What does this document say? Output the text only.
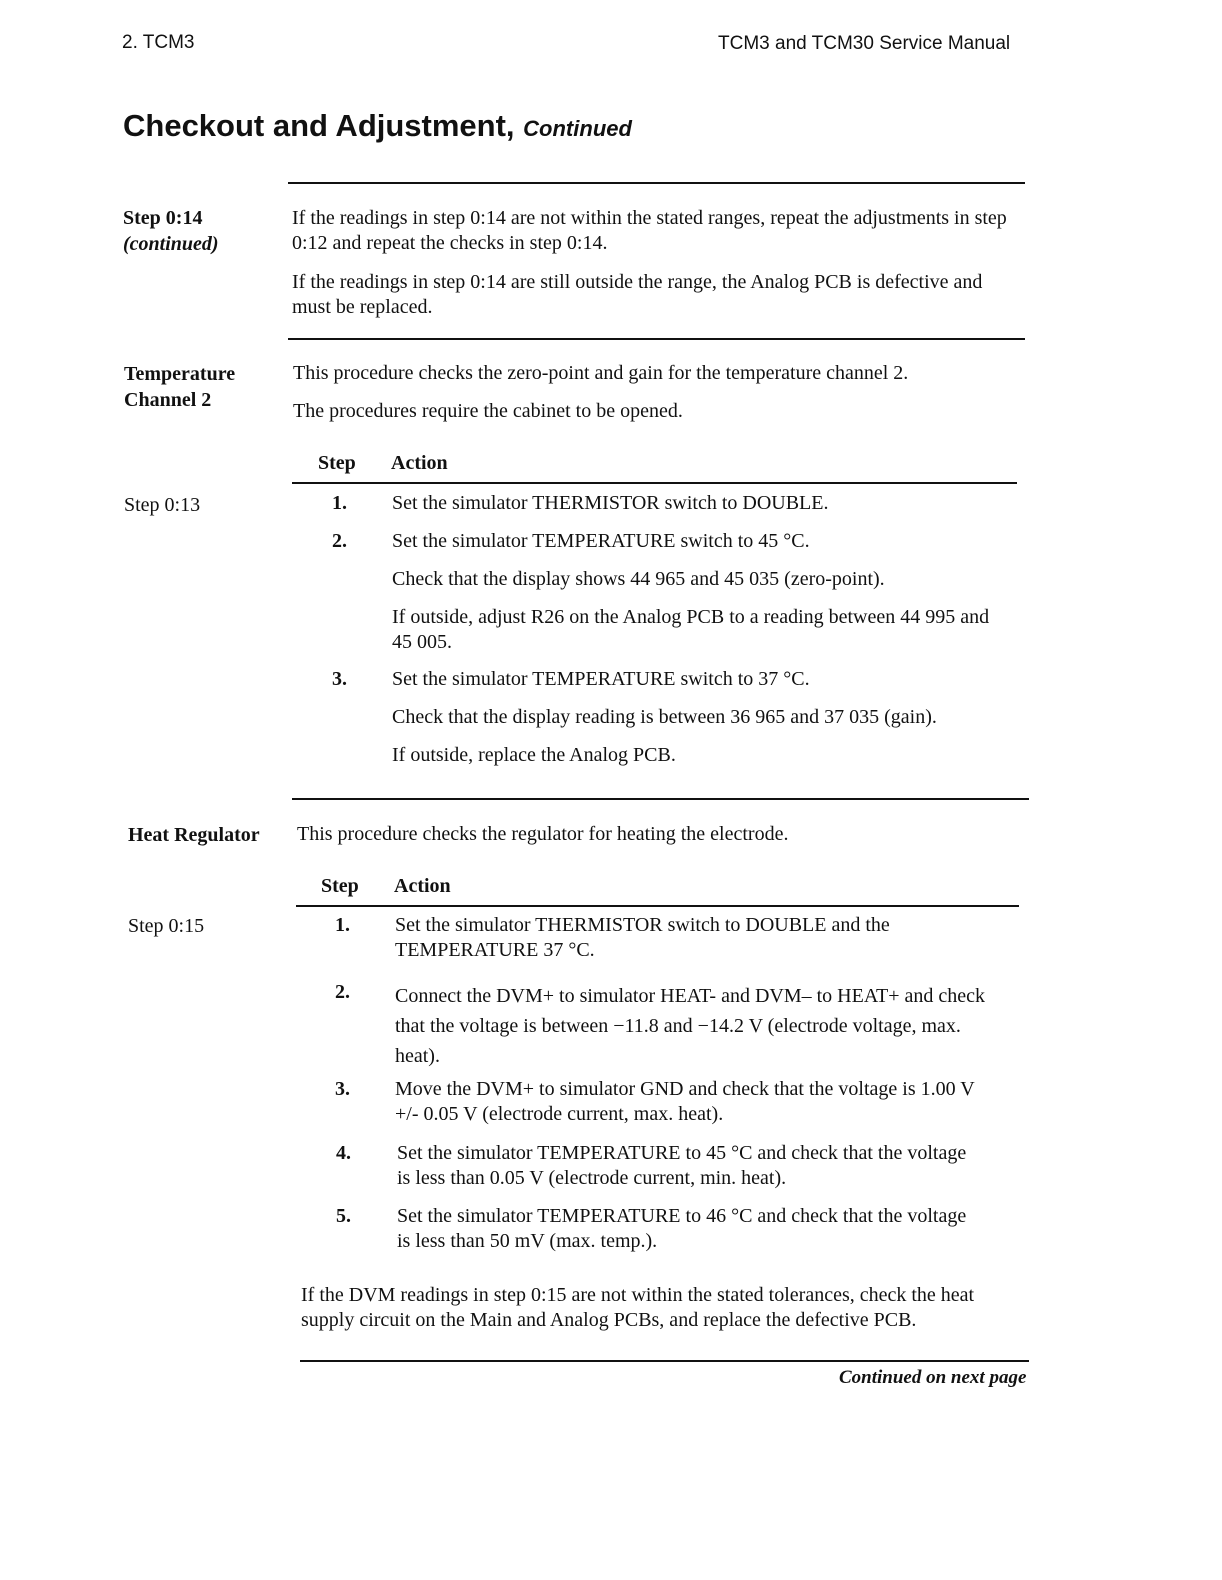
2. TCM3	TCM3 and TCM30 Service Manual
Checkout and Adjustment, Continued
Step 0:14
(continued)

If the readings in step 0:14 are not within the stated ranges, repeat the adjustments in step 0:12 and repeat the checks in step 0:14.

If the readings in step 0:14 are still outside the range, the Analog PCB is defective and must be replaced.

Temperature
Channel 2

This procedure checks the zero-point and gain for the temperature channel 2.

The procedures require the cabinet to be opened.

Step Action
Step 0:13	1. Set the simulator THERMISTOR switch to DOUBLE.

2. Set the simulator TEMPERATURE switch to 45 °C.

Check that the display shows 44 965 and 45 035 (zero-point).

If outside, adjust R26 on the Analog PCB to a reading between 44 995 and 45 005.

3. Set the simulator TEMPERATURE switch to 37 °C.

Check that the display reading is between 36 965 and 37 035 (gain).

If outside, replace the Analog PCB.

Heat Regulator This procedure checks the regulator for heating the electrode.

Step Action
Step 0:15	1. Set the simulator THERMISTOR switch to DOUBLE and the TEMPERATURE 37 °C.

2. Connect the DVM+ to simulator HEAT- and DVM– to HEAT+ and check that the voltage is between −11.8 and −14.2 V (electrode voltage, max. heat).

3. Move the DVM+ to simulator GND and check that the voltage is 1.00 V +/- 0.05 V (electrode current, max. heat).

4. Set the simulator TEMPERATURE to 45 °C and check that the voltage is less than 0.05 V (electrode current, min. heat).

5. Set the simulator TEMPERATURE to 46 °C and check that the voltage is less than 50 mV (max. temp.).

If the DVM readings in step 0:15 are not within the stated tolerances, check the heat supply circuit on the Main and Analog PCBs, and replace the defective PCB.

Continued on next page
